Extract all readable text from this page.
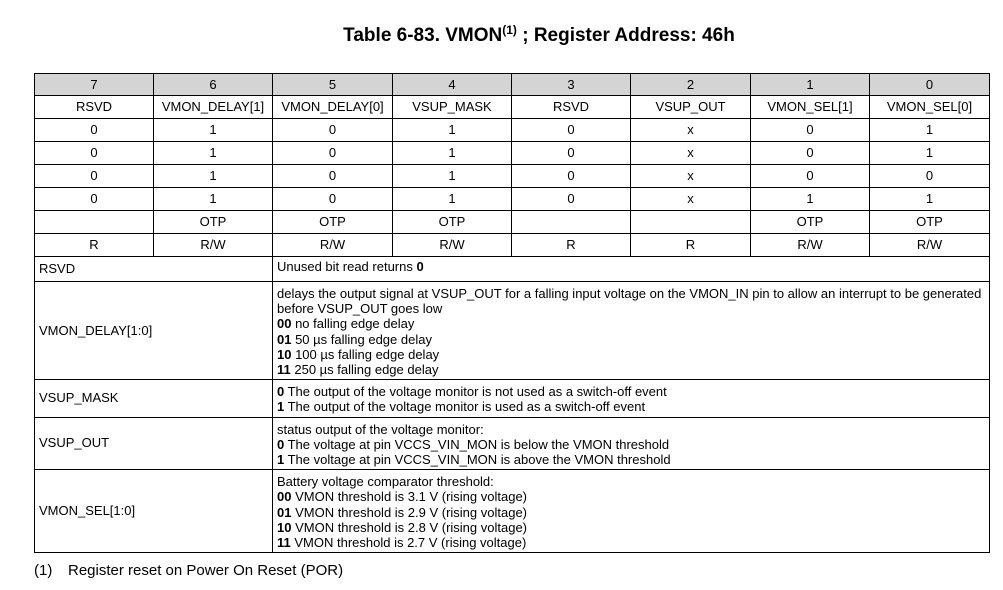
Table 6-83. VMON$^{(1)}$ ; Register Address: 46h
7	6	5	4	3	2	1	0
RSVD	VMON_DELAY[1]	VMON_DELAY[0]	VSUP_MASK	RSVD	VSUP_OUT	VMON_SEL[1]	VMON_SEL[0]
0	1	0	1	0	x	0	1
0	1	0	1	0	x	0	1
0	1	0	1	0	x	0	0
0	1	0	1	0	x	1	1
	OTP	OTP	OTP			OTP	OTP
R	R/W	R/W	R/W	R	R	R/W	R/W
RSVD		Unused bit read returns 0					

VMON_DELAY[1:0]		delays the output signal at VSUP_OUT for a falling input voltage on the VMON_IN pin to allow an interrupt to be generated before VSUP_OUT goes low
00 no falling edge delay
01 50 µs falling edge delay
10 100 µs falling edge delay
11 250 µs falling edge delay					

VSUP_MASK		0 The output of the voltage monitor is not used as a switch-off event
1 The output of the voltage monitor is used as a switch-off event					

VSUP_OUT		status output of the voltage monitor:
0 The voltage at pin VCCS_VIN_MON is below the VMON threshold
1 The voltage at pin VCCS_VIN_MON is above the VMON threshold					

VMON_SEL[1:0]		Battery voltage comparator threshold:
00 VMON threshold is 3.1 V (rising voltage)
01 VMON threshold is 2.9 V (rising voltage)
10 VMON threshold is 2.8 V (rising voltage)
11 VMON threshold is 2.7 V (rising voltage)					
(1) Register reset on Power On Reset (POR)
